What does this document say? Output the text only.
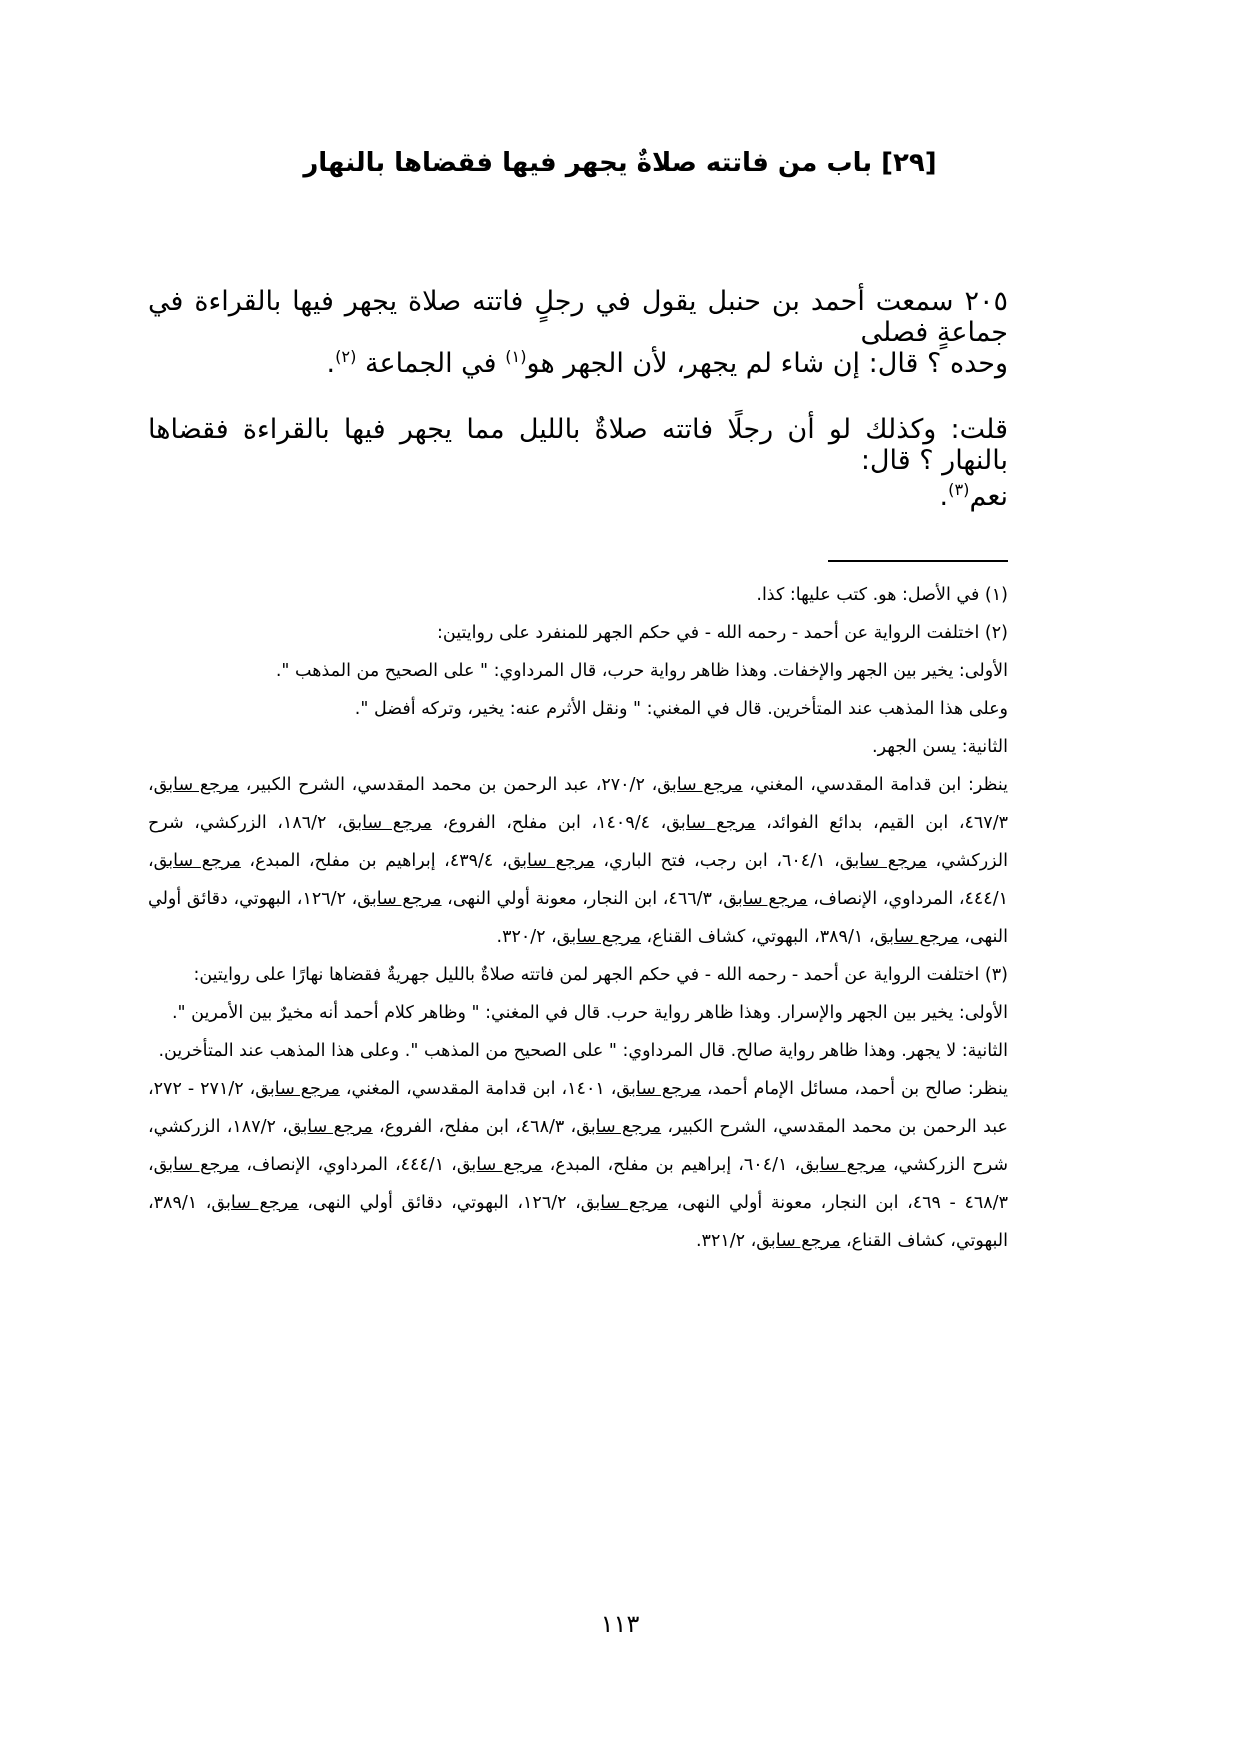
[٢٩] باب من فاتته صلاةٌ يجهر فيها فقضاها بالنهار

٢٠٥ سمعت أحمد بن حنبل يقول في رجلٍ فاتته صلاة يجهر فيها بالقراءة في جماعةٍ فصلى

وحده ؟ قال: إن شاء لم يجهر، لأن الجهر هو$^{(١)}$ في الجماعة $^{(٢)}$.

قلت: وكذلك لو أن رجلًا فاتته صلاةٌ بالليل مما يجهر فيها بالقراءة فقضاها بالنهار ؟ قال:

نعم$^{(٣)}$.

(١) في الأصل: هو. كتب عليها: كذا.

(٢) اختلفت الرواية عن أحمد - رحمه الله - في حكم الجهر للمنفرد على روايتين:

الأولى: يخير بين الجهر والإخفات. وهذا ظاهر رواية حرب، قال المرداوي: " على الصحيح من المذهب ".

وعلى هذا المذهب عند المتأخرين. قال في المغني: " ونقل الأثرم عنه: يخير، وتركه أفضل ".

الثانية: يسن الجهر.

ينظر: ابن قدامة المقدسي، المغني، مرجع سابق، ٢٧٠/٢، عبد الرحمن بن محمد المقدسي، الشرح الكبير، مرجع سابق، ٤٦٧/٣، ابن القيم، بدائع الفوائد، مرجع سابق، ١٤٠٩/٤، ابن مفلح، الفروع، مرجع سابق، ١٨٦/٢، الزركشي، شرح الزركشي، مرجع سابق، ٦٠٤/١، ابن رجب، فتح الباري، مرجع سابق، ٤٣٩/٤، إبراهيم بن مفلح، المبدع، مرجع سابق، ٤٤٤/١، المرداوي، الإنصاف، مرجع سابق، ٤٦٦/٣، ابن النجار، معونة أولي النهى، مرجع سابق، ١٢٦/٢، البهوتي، دقائق أولي النهى، مرجع سابق، ٣٨٩/١، البهوتي، كشاف القناع، مرجع سابق، ٣٢٠/٢.

(٣) اختلفت الرواية عن أحمد - رحمه الله - في حكم الجهر لمن فاتته صلاةٌ بالليل جهريةٌ فقضاها نهارًا على روايتين:

الأولى: يخير بين الجهر والإسرار. وهذا ظاهر رواية حرب. قال في المغني: " وظاهر كلام أحمد أنه مخيرٌ بين الأمرين ".

الثانية: لا يجهر. وهذا ظاهر رواية صالح. قال المرداوي: " على الصحيح من المذهب ". وعلى هذا المذهب عند المتأخرين.

ينظر: صالح بن أحمد، مسائل الإمام أحمد، مرجع سابق، ١٤٠١، ابن قدامة المقدسي، المغني، مرجع سابق، ٢٧١/٢ - ٢٧٢، عبد الرحمن بن محمد المقدسي، الشرح الكبير، مرجع سابق، ٤٦٨/٣، ابن مفلح، الفروع، مرجع سابق، ١٨٧/٢، الزركشي، شرح الزركشي، مرجع سابق، ٦٠٤/١، إبراهيم بن مفلح، المبدع، مرجع سابق، ٤٤٤/١، المرداوي، الإنصاف، مرجع سابق، ٤٦٨/٣ - ٤٦٩، ابن النجار، معونة أولي النهى، مرجع سابق، ١٢٦/٢، البهوتي، دقائق أولي النهى، مرجع سابق، ٣٨٩/١، البهوتي، كشاف القناع، مرجع سابق، ٣٢١/٢.

١١٣
